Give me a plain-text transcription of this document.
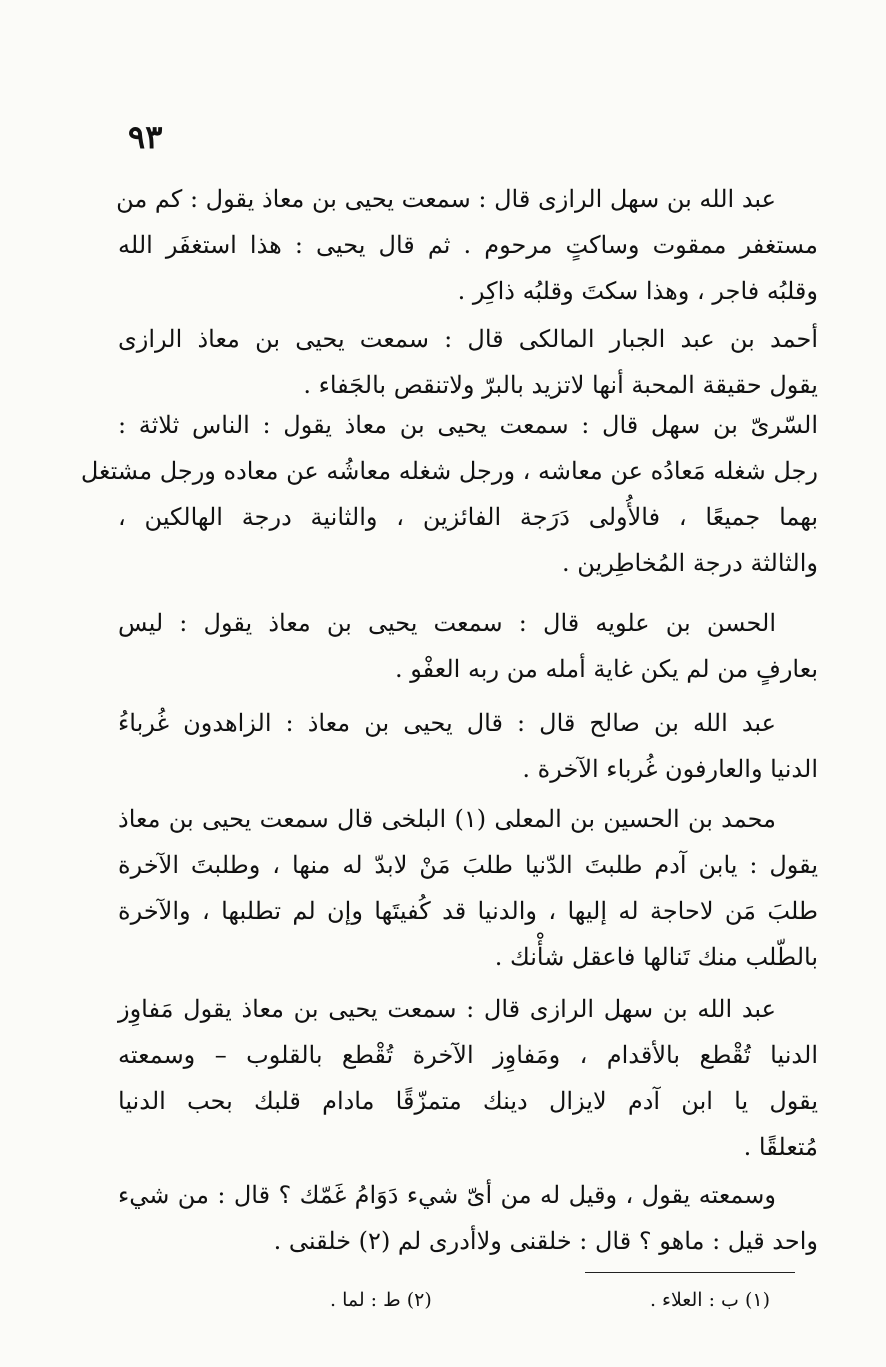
٩٣
عبد الله بن سهل الرازى قال : سمعت يحيى بن معاذ يقول : كم من
مستغفر ممقوت وساكتٍ مرحوم . ثم قال يحيى : هذا استغفَر الله
وقلبُه فاجر ، وهذا سكتَ وقلبُه ذاكِر .
أحمد بن عبد الجبار المالكى قال : سمعت يحيى بن معاذ الرازى
يقول حقيقة المحبة أنها لاتزيد بالبرّ ولاتنقص بالجَفاء .
السّرىّ بن سهل قال : سمعت يحيى بن معاذ يقول : الناس ثلاثة :
رجل شغله مَعادُه عن معاشه ، ورجل شغله معاشُه عن معاده ورجل مشتغل
بهما جميعًا ، فالأُولى دَرَجة الفائزين ، والثانية درجة الهالكين ،
والثالثة درجة المُخاطِرين .
الحسن بن علويه قال : سمعت يحيى بن معاذ يقول : ليس
بعارفٍ من لم يكن غاية أمله من ربه العفْو .
عبد الله بن صالح قال : قال يحيى بن معاذ : الزاهدون غُرباءُ
الدنيا والعارفون غُرباء الآخرة .
محمد بن الحسين بن المعلى (١) البلخى قال سمعت يحيى بن معاذ
يقول : يابن آدم طلبتَ الدّنيا طلبَ مَنْ لابدّ له منها ، وطلبتَ الآخرة
طلبَ مَن لاحاجة له إليها ، والدنيا قد كُفيتَها وإن لم تطلبها ، والآخرة
بالطّلب منك تَنالها فاعقل شأْنك .
عبد الله بن سهل الرازى قال : سمعت يحيى بن معاذ يقول مَفاوِز
الدنيا تُقْطع بالأقدام ، ومَفاوِز الآخرة تُقْطع بالقلوب – وسمعته
يقول يا ابن آدم لايزال دينك متمزّقًا مادام قلبك بحب الدنيا
مُتعلقًا .
وسمعته يقول ، وقيل له من أىّ شيء دَوَامُ غَمّك ؟ قال : من شيء
واحد قيل : ماهو ؟ قال : خلقنى ولاأدرى لم (٢) خلقنى .
(١) ب : العلاء .
(٢) ط : لما .
